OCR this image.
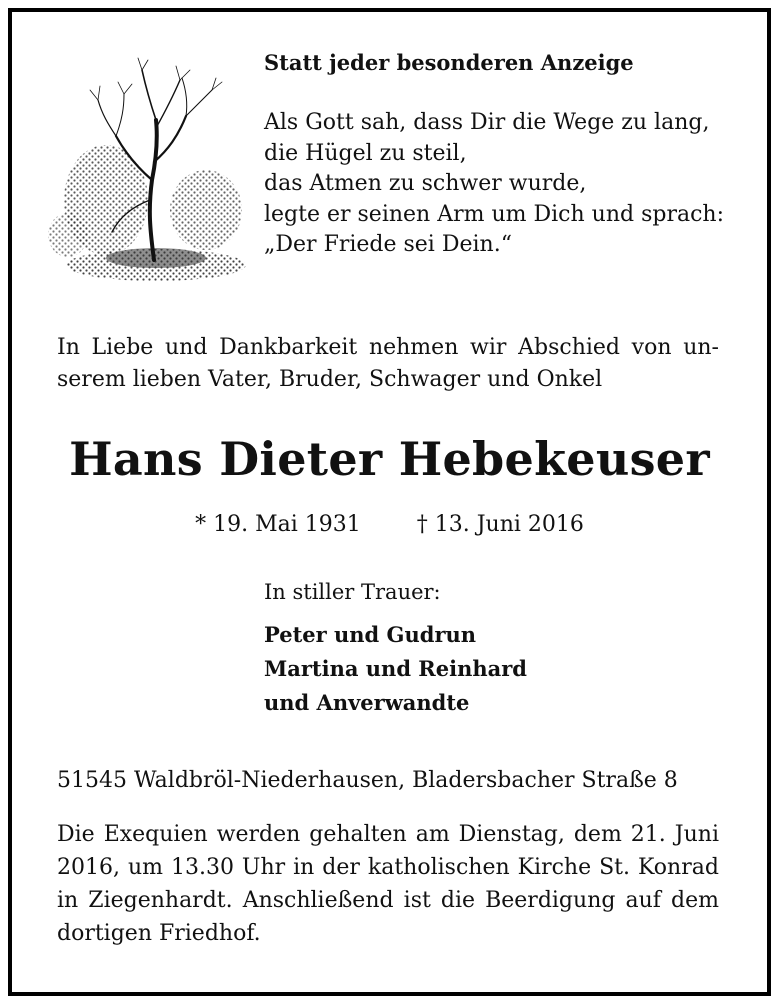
Statt jeder besonderen Anzeige
Als Gott sah, dass Dir die Wege zu lang,
die Hügel zu steil,
das Atmen zu schwer wurde,
legte er seinen Arm um Dich und sprach:
„Der Friede sei Dein.“
In Liebe und Dankbarkeit nehmen wir Abschied von un-
serem lieben Vater, Bruder, Schwager und Onkel
Hans Dieter Hebekeuser
* 19. Mai 1931	† 13. Juni 2016
In stiller Trauer:
Peter und Gudrun
Martina und Reinhard
und Anverwandte
51545 Waldbröl-Niederhausen, Bladersbacher Straße 8
Die Exequien werden gehalten am Dienstag, dem 21. Juni
2016, um 13.30 Uhr in der katholischen Kirche St. Konrad
in Ziegenhardt. Anschließend ist die Beerdigung auf dem
dortigen Friedhof.
